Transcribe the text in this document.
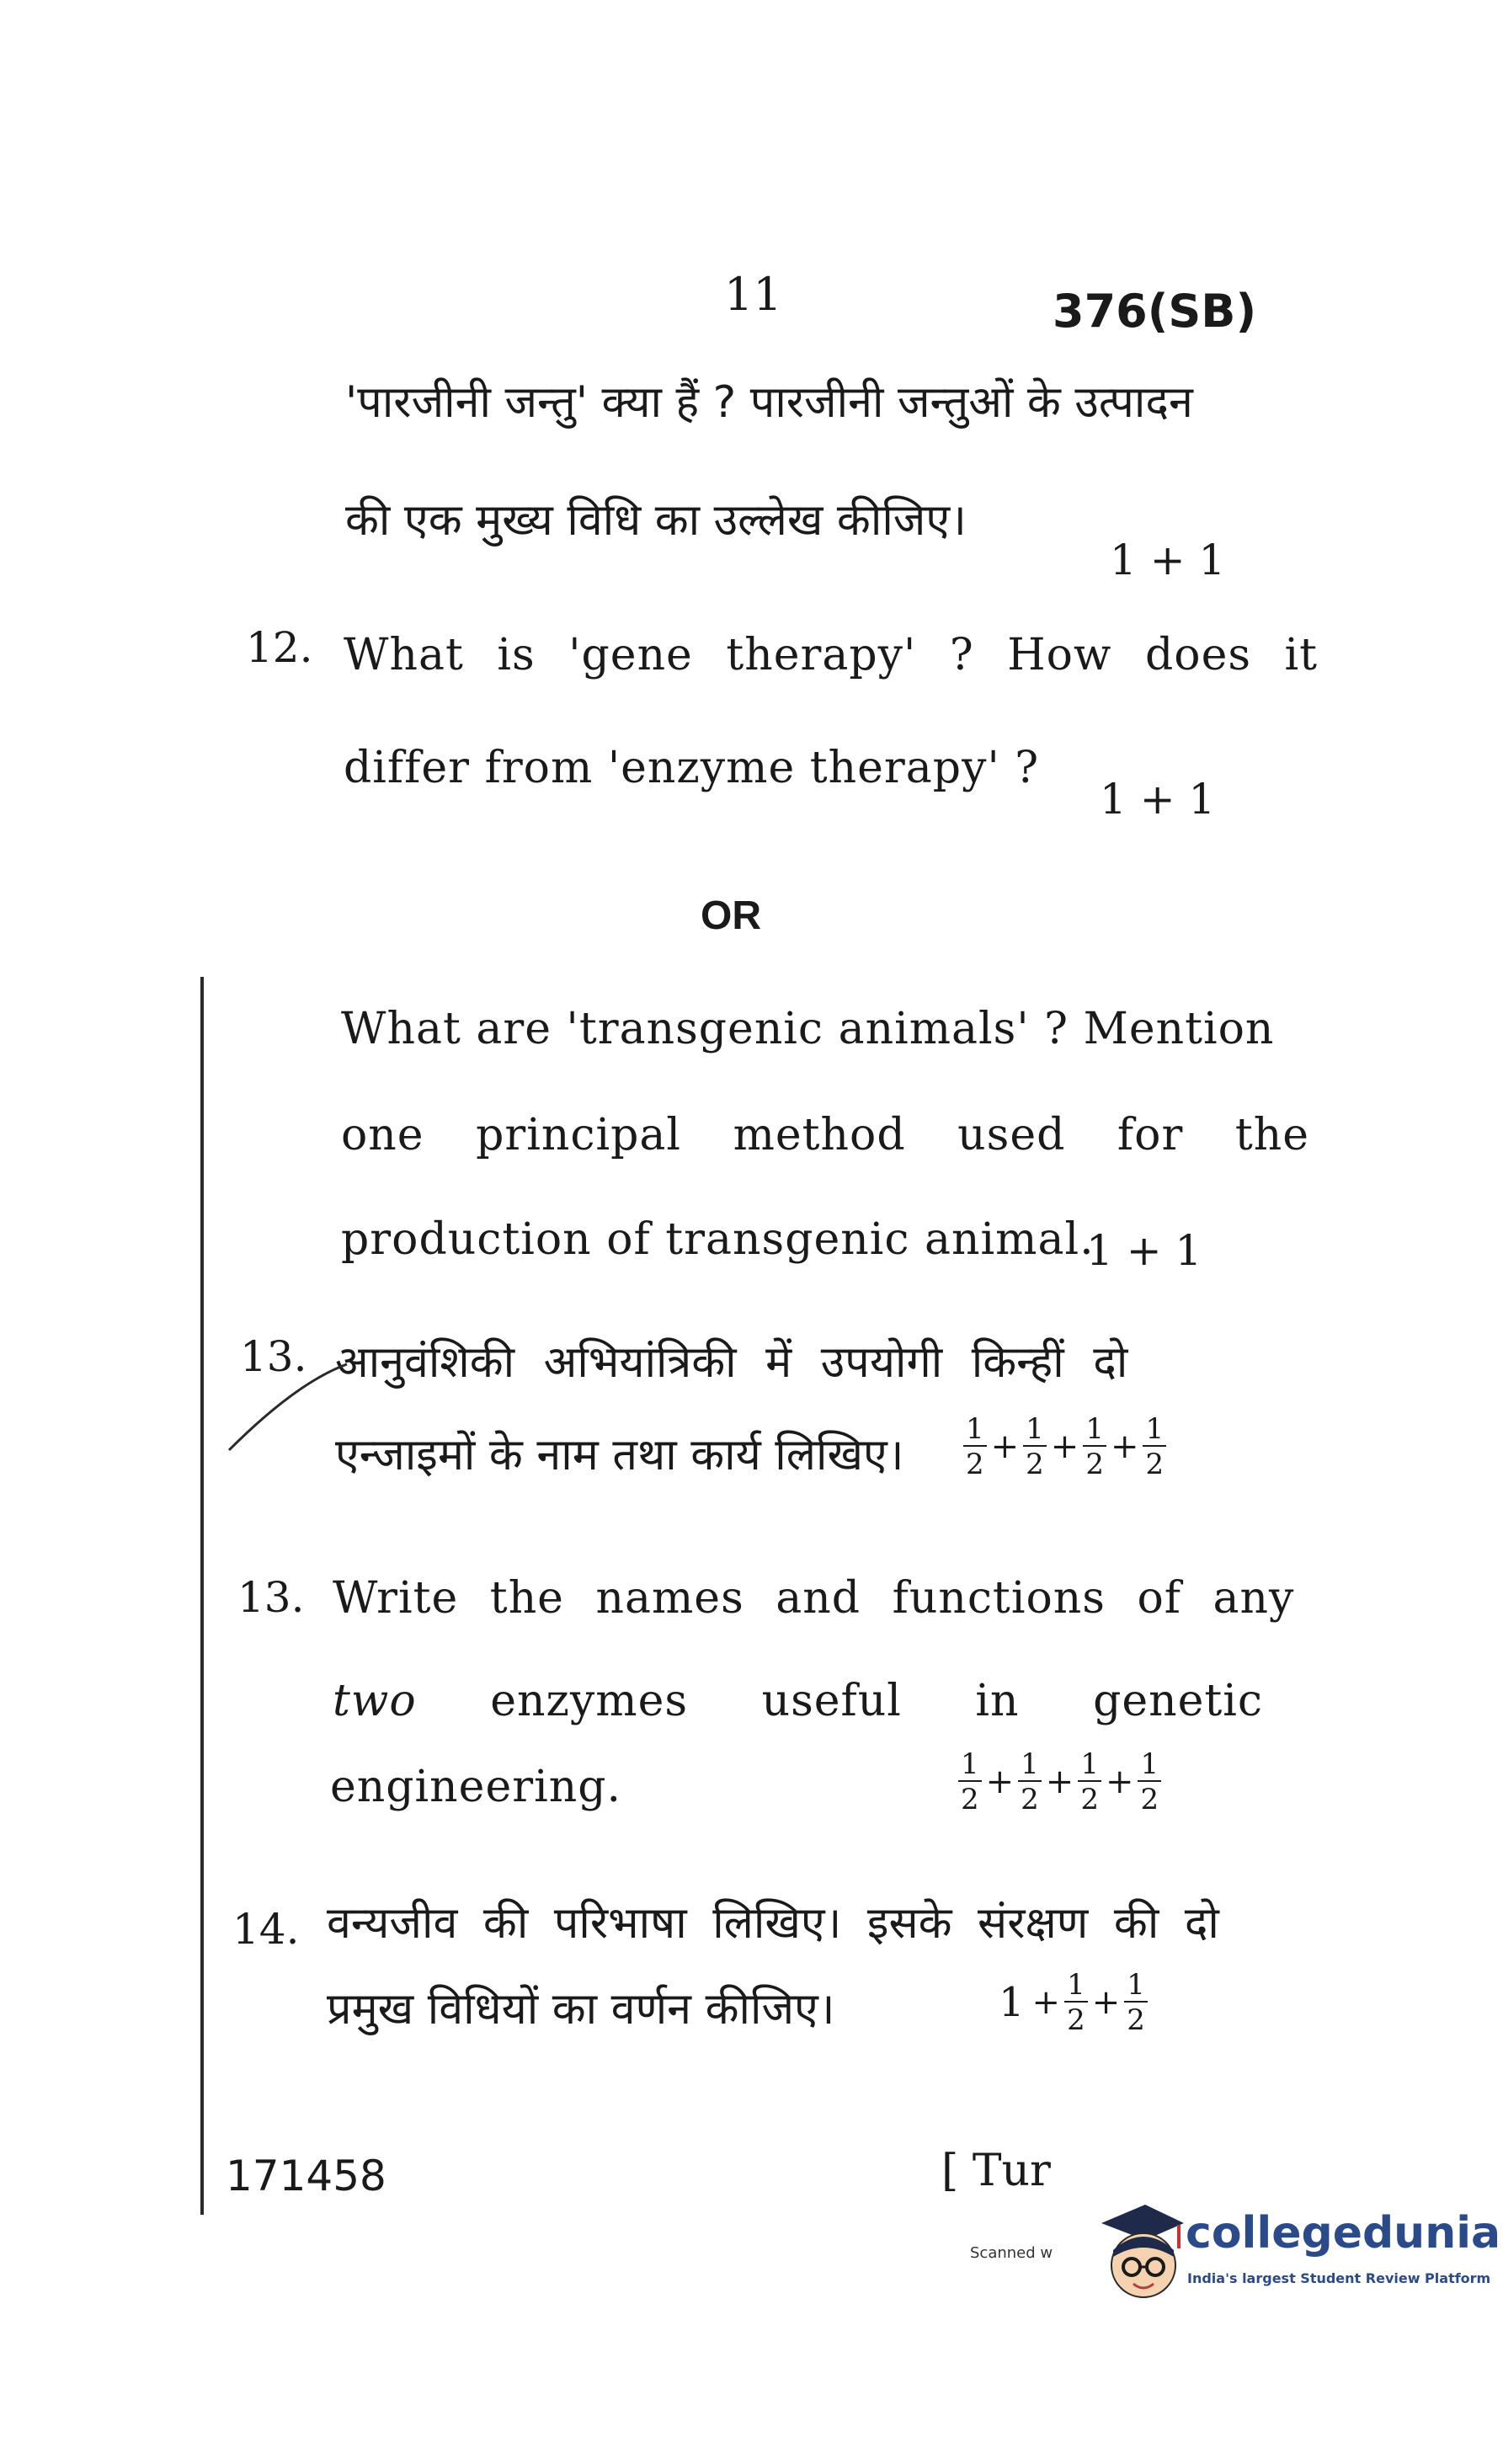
11	376(SB)
'पारजीनी जन्तु' क्या हैं ? पारजीनी जन्तुओं के उत्पादन
की एक मुख्य विधि का उल्लेख कीजिए।
1 + 1
12. What is 'gene therapy' ? How does it
differ from 'enzyme therapy' ?
1 + 1
OR
What are 'transgenic animals' ? Mention
one principal method used for the
production of transgenic animal.
1 + 1
13. आनुवंशिकी अभियांत्रिकी में उपयोगी किन्हीं दो
एन्जाइमों के नाम तथा कार्य लिखिए। $\frac{1}{2} + \frac{1}{2} + \frac{1}{2} + \frac{1}{2}$
13. Write the names and functions of any
two enzymes useful in genetic
engineering.	$\frac{1}{2} + \frac{1}{2} + \frac{1}{2} + \frac{1}{2}$
14. वन्यजीव की परिभाषा लिखिए। इसके संरक्षण की दो
प्रमुख विधियों का वर्णन कीजिए।	$1 + \frac{1}{2} + \frac{1}{2}$
171458	[ Tur
Scanned w	collegedunia
India's largest Student Review Platform
